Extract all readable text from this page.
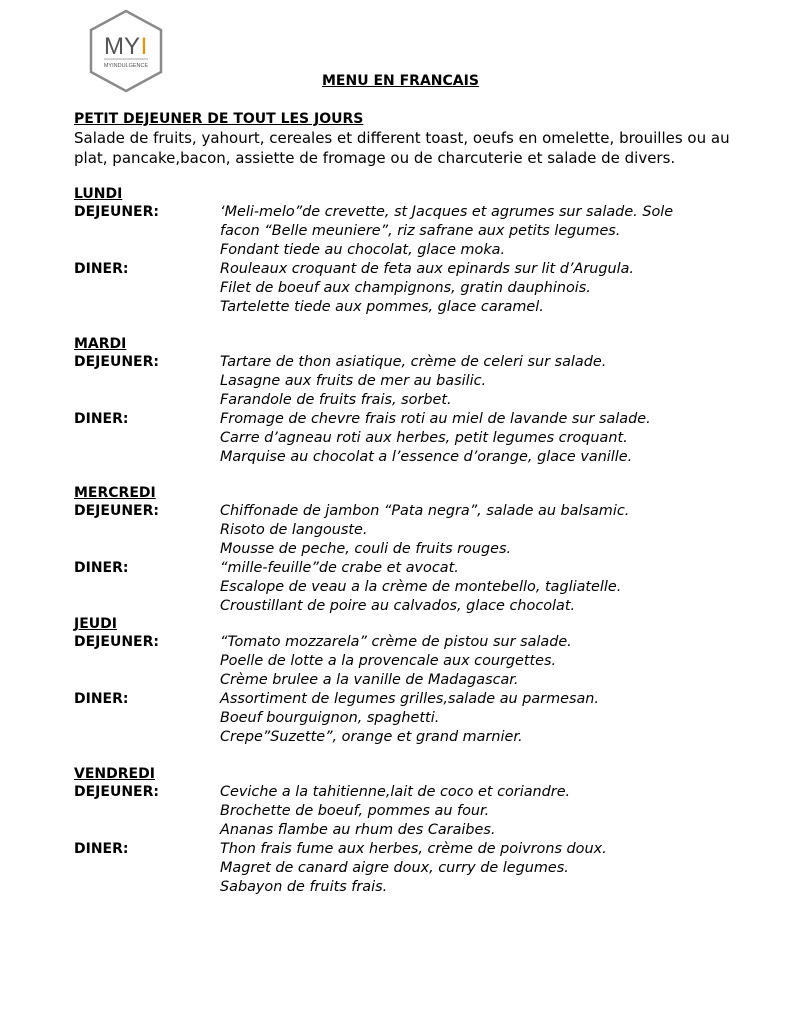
MY I
MYINDULGENCE
MENU EN FRANCAIS
PETIT DEJEUNER DE TOUT LES JOURS
Salade de fruits, yahourt, cereales et different toast, oeufs en omelette, brouilles ou au plat, pancake,bacon, assiette de fromage ou de charcuterie et salade de divers.
LUNDI
DEJEUNER:	‘Meli-melo”de crevette, st Jacques et agrumes sur salade. Sole
facon “Belle meuniere”, riz safrane aux petits legumes.
Fondant tiede au chocolat, glace moka.
DINER:	Rouleaux croquant de feta aux epinards sur lit d’Arugula.
Filet de boeuf aux champignons, gratin dauphinois.
Tartelette tiede aux pommes, glace caramel.
MARDI
DEJEUNER:	Tartare de thon asiatique, crème de celeri sur salade.
Lasagne aux fruits de mer au basilic.
Farandole de fruits frais, sorbet.
DINER:	Fromage de chevre frais roti au miel de lavande sur salade.
Carre d’agneau roti aux herbes, petit legumes croquant.
Marquise au chocolat a l’essence d’orange, glace vanille.
MERCREDI
DEJEUNER:	Chiffonade de jambon “Pata negra”, salade au balsamic.
Risoto de langouste.
Mousse de peche, couli de fruits rouges.
DINER:	“mille-feuille”de crabe et avocat.
Escalope de veau a la crème de montebello, tagliatelle.
Croustillant de poire au calvados, glace chocolat.
JEUDI
DEJEUNER:	“Tomato mozzarela” crème de pistou sur salade.
Poelle de lotte a la provencale aux courgettes.
Crème brulee a la vanille de Madagascar.
DINER:	Assortiment de legumes grilles,salade au parmesan.
Boeuf bourguignon, spaghetti.
Crepe”Suzette”, orange et grand marnier.
VENDREDI
DEJEUNER:	Ceviche a la tahitienne,lait de coco et coriandre.
Brochette de boeuf, pommes au four.
Ananas flambe au rhum des Caraibes.
DINER:	Thon frais fume aux herbes, crème de poivrons doux.
Magret de canard aigre doux, curry de legumes.
Sabayon de fruits frais.
